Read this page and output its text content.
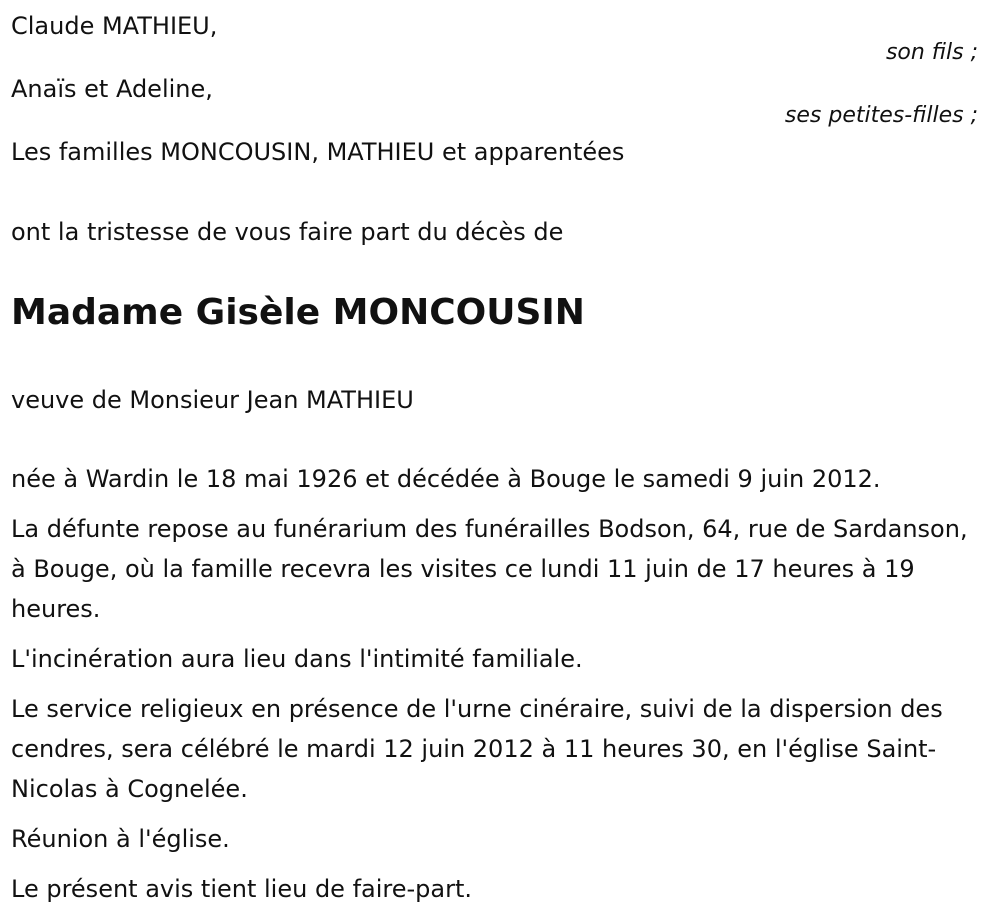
Claude MATHIEU,
son fils ;
Anaïs et Adeline,
ses petites-filles ;
Les familles MONCOUSIN, MATHIEU et apparentées
ont la tristesse de vous faire part du décès de
Madame Gisèle MONCOUSIN
veuve de Monsieur Jean MATHIEU
née à Wardin le 18 mai 1926 et décédée à Bouge le samedi 9 juin 2012.
La défunte repose au funérarium des funérailles Bodson, 64, rue de Sardanson, à Bouge, où la famille recevra les visites ce lundi 11 juin de 17 heures à 19 heures.
L'incinération aura lieu dans l'intimité familiale.
Le service religieux en présence de l'urne cinéraire, suivi de la dispersion des cendres, sera célébré le mardi 12 juin 2012 à 11 heures 30, en l'église Saint-Nicolas à Cognelée.
Réunion à l'église.
Le présent avis tient lieu de faire-part.
